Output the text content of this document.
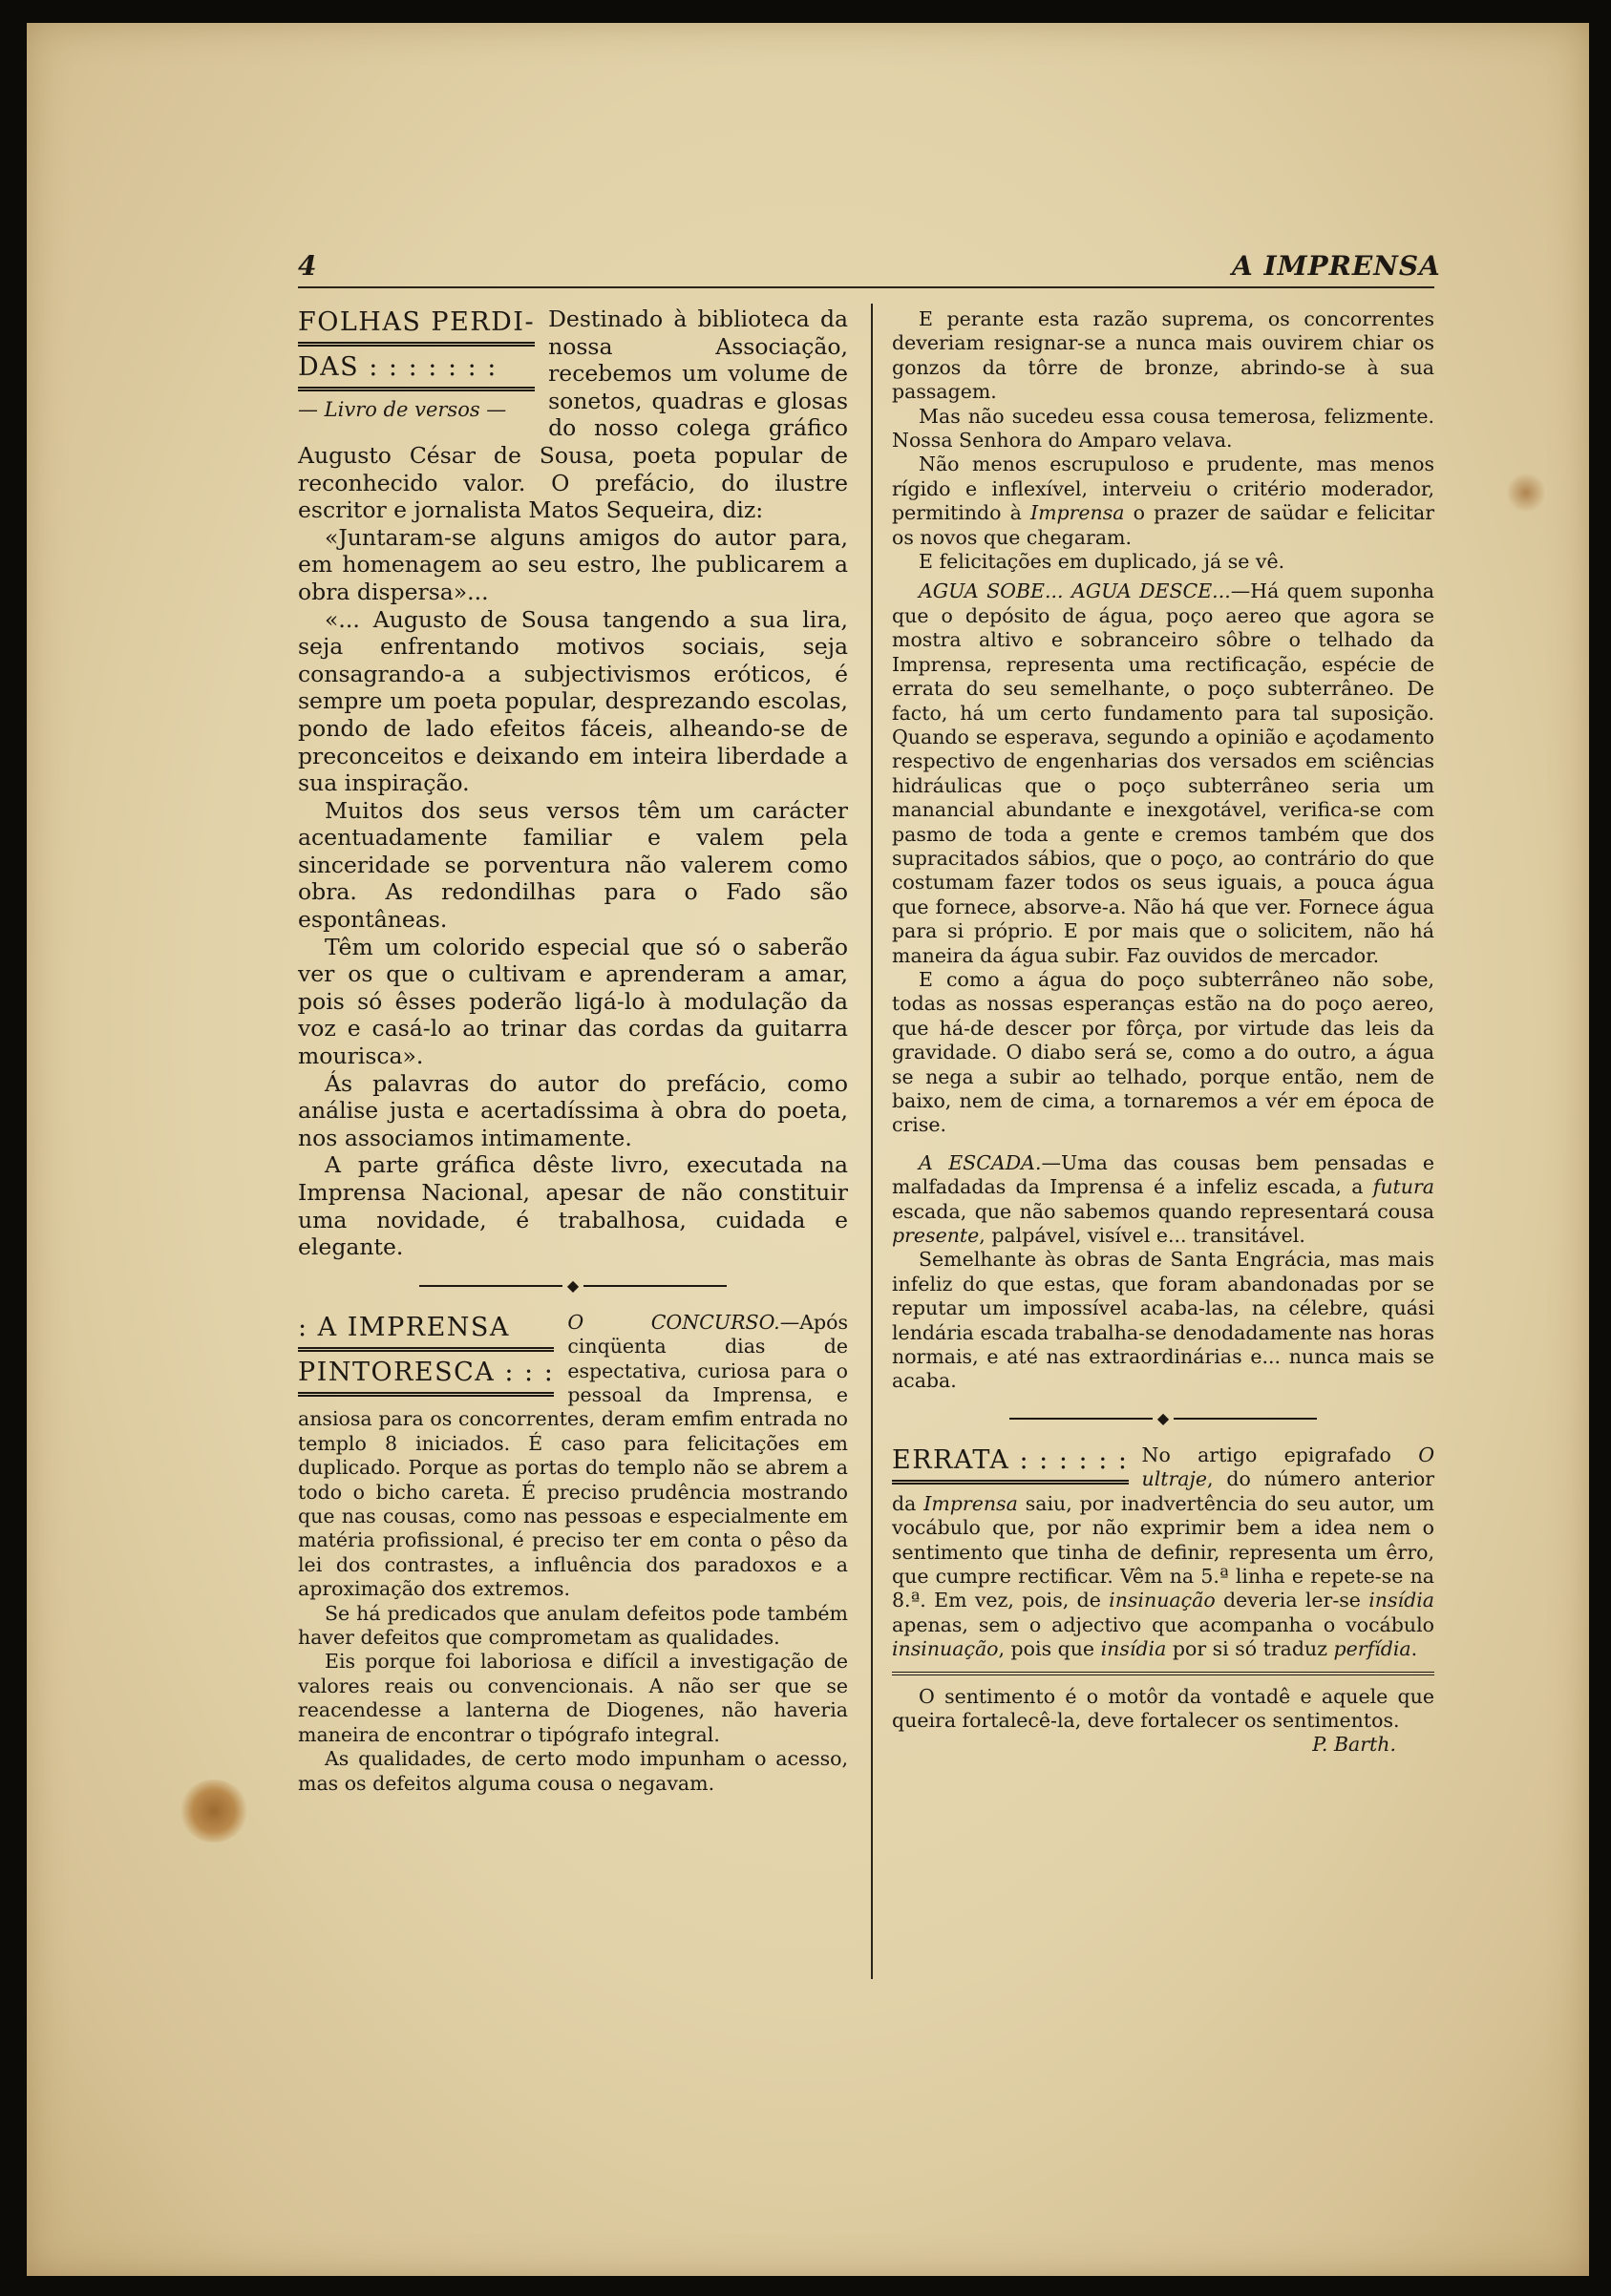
4	A IMPRENSA
FOLHAS PERDI-
DAS : : : : : : :
— Livro de versos —

Destinado à biblioteca da nossa Associação, recebemos um volume de sonetos, quadras e glosas do nosso colega gráfico Augusto César de Sousa, poeta popular de reconhecido valor. O prefácio, do ilustre escritor e jornalista Matos Sequeira, diz:

«Juntaram-se alguns amigos do autor para, em homenagem ao seu estro, lhe publicarem a obra dispersa»...

«... Augusto de Sousa tangendo a sua lira, seja enfrentando motivos sociais, seja consagrando-a a subjectivismos eróticos, é sempre um poeta popular, desprezando escolas, pondo de lado efeitos fáceis, alheando-se de preconceitos e deixando em inteira liberdade a sua inspiração.

Muitos dos seus versos têm um carácter acentuadamente familiar e valem pela sinceridade se porventura não valerem como obra. As redondilhas para o Fado são espontâneas.

Têm um colorido especial que só o saberão ver os que o cultivam e aprenderam a amar, pois só êsses poderão ligá-lo à modulação da voz e casá-lo ao trinar das cordas da guitarra mourisca».

Ás palavras do autor do prefácio, como análise justa e acertadíssima à obra do poeta, nos associamos intimamente.

A parte gráfica dêste livro, executada na Imprensa Nacional, apesar de não constituir uma novidade, é trabalhosa, cuidada e elegante.

◆
: A IMPRENSA
PINTORESCA : : :

O CONCURSO.—Após cinqüenta dias de espectativa, curiosa para o pessoal da Imprensa, e ansiosa para os concorrentes, deram emfim entrada no templo 8 iniciados. É caso para felicitações em duplicado. Porque as portas do templo não se abrem a todo o bicho careta. É preciso prudência mostrando que nas cousas, como nas pessoas e especialmente em matéria profissional, é preciso ter em conta o pêso da lei dos contrastes, a influência dos paradoxos e a aproximação dos extremos.

Se há predicados que anulam defeitos pode também haver defeitos que comprometam as qualidades.

Eis porque foi laboriosa e difícil a investigação de valores reais ou convencionais. A não ser que se reacendesse a lanterna de Diogenes, não haveria maneira de encontrar o tipógrafo integral.

As qualidades, de certo modo impunham o acesso, mas os defeitos alguma cousa o negavam.

E perante esta razão suprema, os concorrentes deveriam resignar-se a nunca mais ouvirem chiar os gonzos da tôrre de bronze, abrindo-se à sua passagem.

Mas não sucedeu essa cousa temerosa, felizmente. Nossa Senhora do Amparo velava.

Não menos escrupuloso e prudente, mas menos rígido e inflexível, interveiu o critério moderador, permitindo à Imprensa o prazer de saüdar e felicitar os novos que chegaram.

E felicitações em duplicado, já se vê.

AGUA SOBE... AGUA DESCE...—Há quem suponha que o depósito de água, poço aereo que agora se mostra altivo e sobranceiro sôbre o telhado da Imprensa, representa uma rectificação, espécie de errata do seu semelhante, o poço subterrâneo. De facto, há um certo fundamento para tal suposição. Quando se esperava, segundo a opinião e açodamento respectivo de engenharias dos versados em sciências hidráulicas que o poço subterrâneo seria um manancial abundante e inexgotável, verifica-se com pasmo de toda a gente e cremos também que dos supracitados sábios, que o poço, ao contrário do que costumam fazer todos os seus iguais, a pouca água que fornece, absorve-a. Não há que ver. Fornece água para si próprio. E por mais que o solicitem, não há maneira da água subir. Faz ouvidos de mercador.

E como a água do poço subterrâneo não sobe, todas as nossas esperanças estão na do poço aereo, que há-de descer por fôrça, por virtude das leis da gravidade. O diabo será se, como a do outro, a água se nega a subir ao telhado, porque então, nem de baixo, nem de cima, a tornaremos a vér em época de crise.

A ESCADA.—Uma das cousas bem pensadas e malfadadas da Imprensa é a infeliz escada, a futura escada, que não sabemos quando representará cousa presente, palpável, visível e... transitável.

Semelhante às obras de Santa Engrácia, mas mais infeliz do que estas, que foram abandonadas por se reputar um impossível acaba-las, na célebre, quási lendária escada trabalha-se denodadamente nas horas normais, e até nas extraordinárias e... nunca mais se acaba.

◆
ERRATA : : : : : : No artigo epigrafado O ultraje, do número anterior da Imprensa saiu, por inadvertência do seu autor, um vocábulo que, por não exprimir bem a idea nem o sentimento que tinha de definir, representa um êrro, que cumpre rectificar. Vêm na 5.ª linha e repete-se na 8.ª. Em vez, pois, de insinuação deveria ler-se insídia apenas, sem o adjectivo que acompanha o vocábulo insinuação, pois que insídia por si só traduz perfídia.

O sentimento é o motôr da vontadê e aquele que queira fortalecê-la, deve fortalecer os sentimentos.

P. Barth.
